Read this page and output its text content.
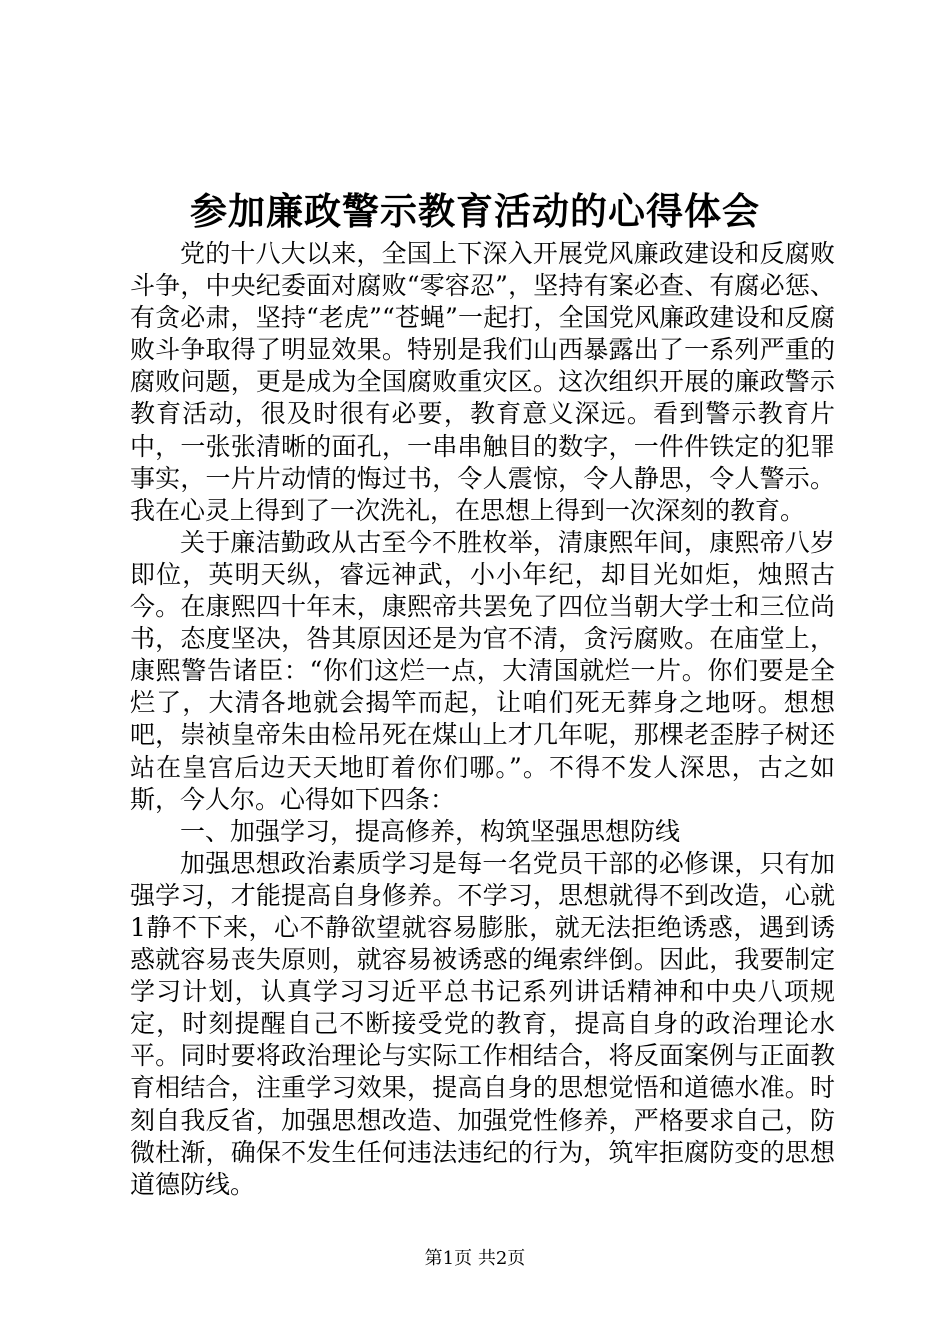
参加廉政警示教育活动的心得体会

党的十八大以来，全国上下深入开展党风廉政建设和反腐败斗争，中央纪委面对腐败“零容忍”，坚持有案必查、有腐必惩、有贪必肃，坚持“老虎”“苍蝇”一起打，全国党风廉政建设和反腐败斗争取得了明显效果。特别是我们山西暴露出了一系列严重的腐败问题，更是成为全国腐败重灾区。这次组织开展的廉政警示教育活动，很及时很有必要，教育意义深远。看到警示教育片中，一张张清晰的面孔，一串串触目的数字，一件件铁定的犯罪事实，一片片动情的悔过书，令人震惊，令人静思，令人警示。我在心灵上得到了一次洗礼，在思想上得到一次深刻的教育。

关于廉洁勤政从古至今不胜枚举，清康熙年间，康熙帝八岁即位，英明天纵，睿远神武，小小年纪，却目光如炬，烛照古今。在康熙四十年末，康熙帝共罢免了四位当朝大学士和三位尚书，态度坚决，咎其原因还是为官不清，贪污腐败。在庙堂上，康熙警告诸臣：“你们这烂一点，大清国就烂一片。你们要是全烂了，大清各地就会揭竿而起，让咱们死无葬身之地呀。想想吧，崇祯皇帝朱由检吊死在煤山上才几年呢，那棵老歪脖子树还站在皇宫后边天天地盯着你们哪。”。不得不发人深思，古之如斯，今人尔。心得如下四条：

一、加强学习，提高修养，构筑坚强思想防线

加强思想政治素质学习是每一名党员干部的必修课，只有加强学习，才能提高自身修养。不学习，思想就得不到改造，心就1静不下来，心不静欲望就容易膨胀，就无法拒绝诱惑，遇到诱惑就容易丧失原则，就容易被诱惑的绳索绊倒。因此，我要制定学习计划，认真学习习近平总书记系列讲话精神和中央八项规定，时刻提醒自己不断接受党的教育，提高自身的政治理论水平。同时要将政治理论与实际工作相结合，将反面案例与正面教育相结合，注重学习效果，提高自身的思想觉悟和道德水准。时刻自我反省，加强思想改造、加强党性修养，严格要求自己，防微杜渐，确保不发生任何违法违纪的行为，筑牢拒腐防变的思想道德防线。

第1页 共2页
